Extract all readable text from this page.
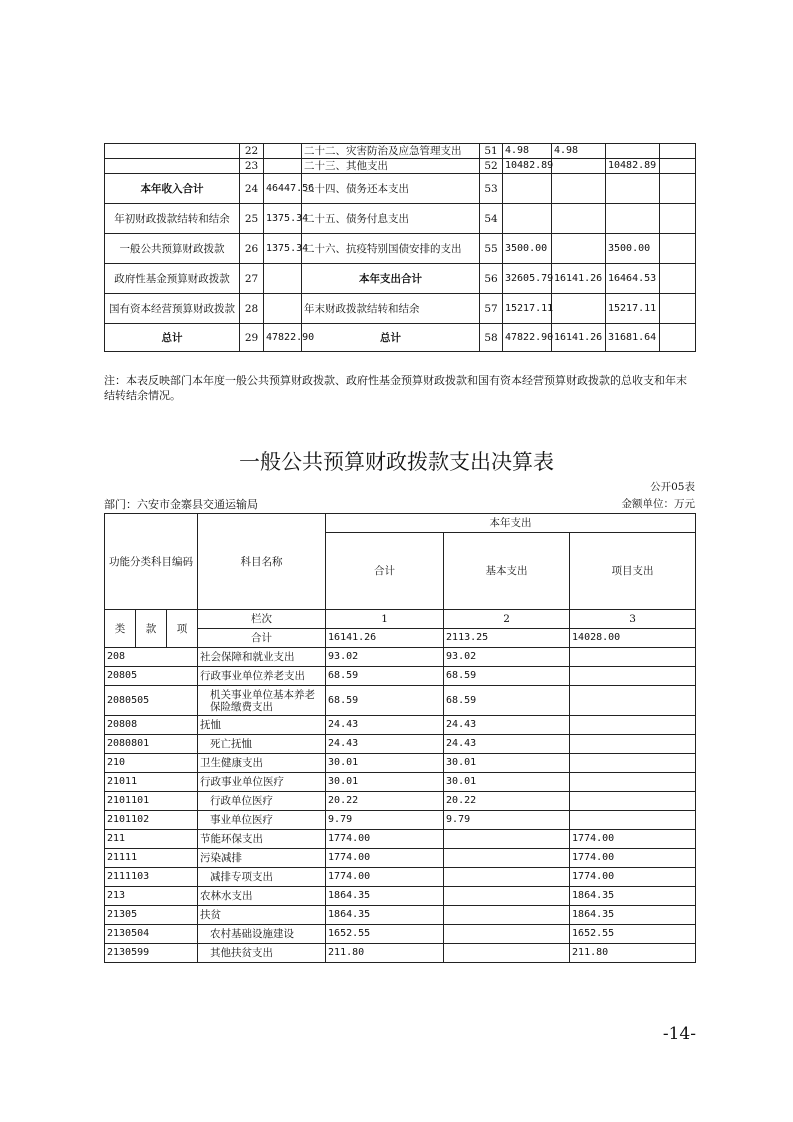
	22		二十二、灾害防治及应急管理支出	51	4.98	4.98		
	23		二十三、其他支出	52	10482.89		10482.89	
本年收入合计	24	46447.56	二十四、债务还本支出	53				
年初财政拨款结转和结余	25	1375.34	二十五、债务付息支出	54				
一般公共预算财政拨款	26	1375.34	二十六、抗疫特别国债安排的支出	55	3500.00		3500.00	
政府性基金预算财政拨款	27		本年支出合计	56	32605.79	16141.26	16464.53	
国有资本经营预算财政拨款	28		年末财政拨款结转和结余	57	15217.11		15217.11	
总计	29	47822.90	总计	58	47822.90	16141.26	31681.64	
注：本表反映部门本年度一般公共预算财政拨款、政府性基金预算财政拨款和国有资本经营预算财政拨款的总收支和年末结转结余情况。
一般公共预算财政拨款支出决算表
公开05表
部门：六安市金寨县交通运输局	金额单位：万元
功能分类科目编码			科目名称	本年支出		
				合计	基本支出	项目支出
类	款	项	栏次	1	2	3
			合计	16141.26	2113.25	14028.00
208			社会保障和就业支出	93.02	93.02	
20805			行政事业单位养老支出	68.59	68.59	
2080505			机关事业单位基本养老保险缴费支出	68.59	68.59	
20808			抚恤	24.43	24.43	
2080801			死亡抚恤	24.43	24.43	
210			卫生健康支出	30.01	30.01	
21011			行政事业单位医疗	30.01	30.01	
2101101			行政单位医疗	20.22	20.22	
2101102			事业单位医疗	9.79	9.79	
211			节能环保支出	1774.00		1774.00
21111			污染减排	1774.00		1774.00
2111103			减排专项支出	1774.00		1774.00
213			农林水支出	1864.35		1864.35
21305			扶贫	1864.35		1864.35
2130504			农村基础设施建设	1652.55		1652.55
2130599			其他扶贫支出	211.80		211.80
-14-
